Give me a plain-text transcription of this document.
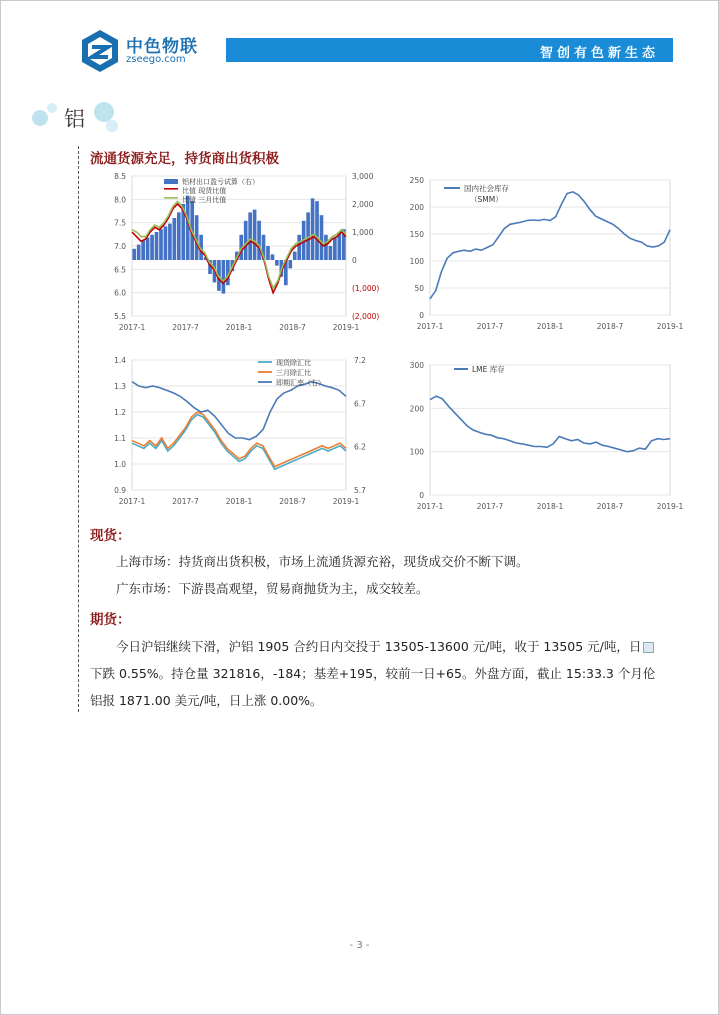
中色物联
zseego.com	智创有色新生态
铝
流通货源充足，持货商出货积极
8.5
8.0
7.5
7.0
6.5
6.0
5.5
3,000
2,000
1,000
0
(1,000)
(2,000)
2017-1	2017-7	2018-1	2018-7	2019-1
铝材出口盈亏试算（右）
比值 现货比值
比值 三月比值
250
200
150
100
50
0
2017-1	2017-7	2018-1	2018-7	2019-1
国内社会库存
（SMM）
1.4
1.3
1.2
1.1
1.0
0.9
7.2
6.7
6.2
5.7
2017-1	2017-7	2018-1	2018-7	2019-1
现货除汇比
三月除汇比
即期汇率（右）
300
200
100
0
2017-1	2017-7	2018-1	2018-7	2019-1
LME 库存
现货：
上海市场：持货商出货积极，市场上流通货源充裕，现货成交价不断下调。
广东市场：下游畏高观望，贸易商抛货为主，成交较差。
期货：
今日沪铝继续下滑，沪铝 1905 合约日内交投于 13505-13600 元/吨，收于 13505 元/吨，日
下跌 0.55%。持仓量 321816，-184；基差+195，较前一日+65。外盘方面，截止 15:33.3 个月伦
铝报 1871.00 美元/吨，日上涨 0.00%。
- 3 -
